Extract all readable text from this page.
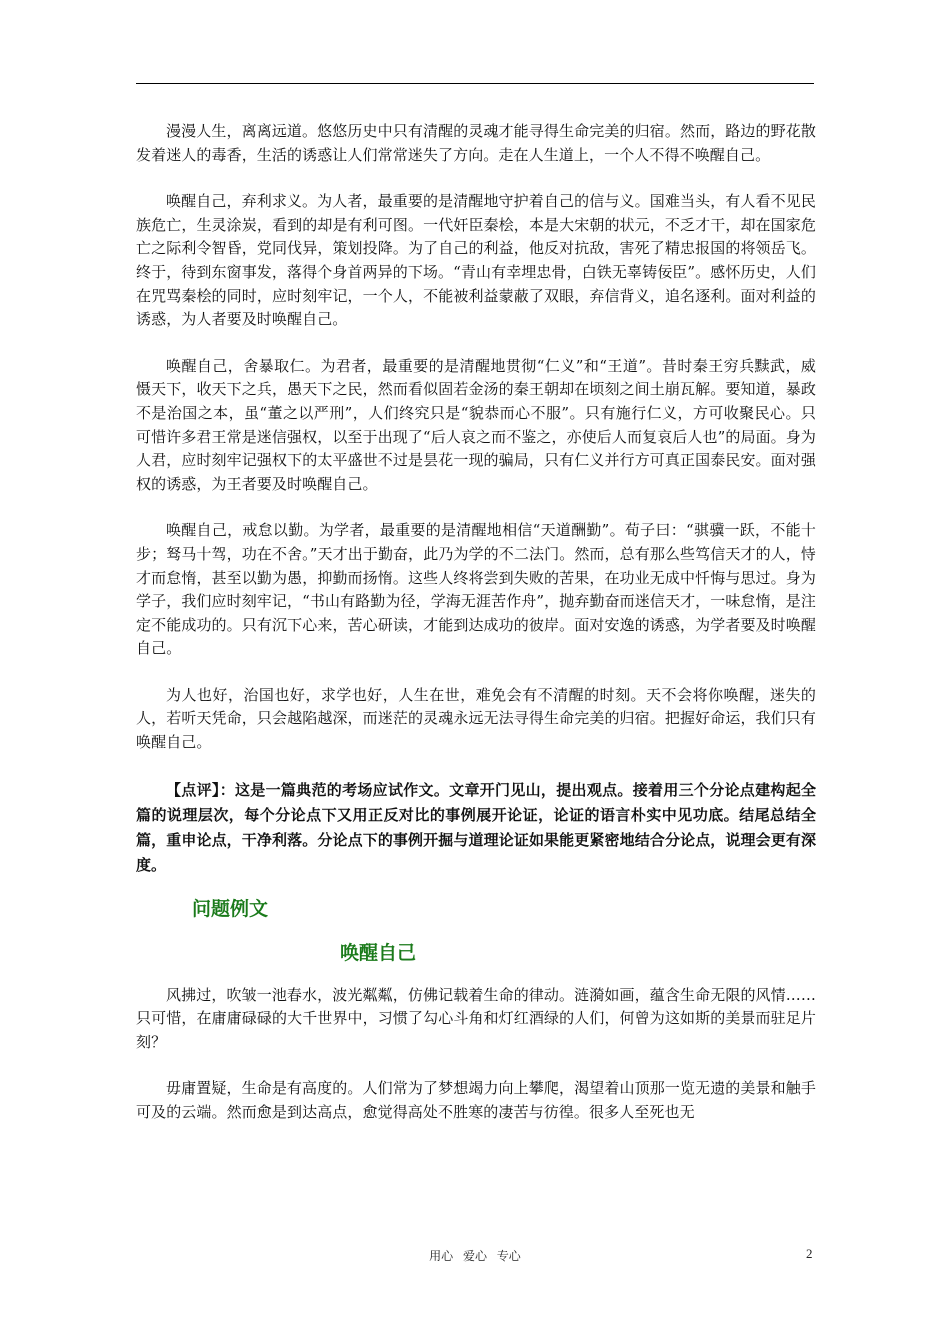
漫漫人生，离离远道。悠悠历史中只有清醒的灵魂才能寻得生命完美的归宿。然而，路边的野花散发着迷人的毒香，生活的诱惑让人们常常迷失了方向。走在人生道上，一个人不得不唤醒自己。

唤醒自己，弃利求义。为人者，最重要的是清醒地守护着自己的信与义。国难当头，有人看不见民族危亡，生灵涂炭，看到的却是有利可图。一代奸臣秦桧，本是大宋朝的状元，不乏才干，却在国家危亡之际利令智昏，党同伐异，策划投降。为了自己的利益，他反对抗敌，害死了精忠报国的将领岳飞。终于，待到东窗事发，落得个身首两异的下场。“青山有幸埋忠骨，白铁无辜铸佞臣”。感怀历史，人们在咒骂秦桧的同时，应时刻牢记，一个人，不能被利益蒙蔽了双眼，弃信背义，追名逐利。面对利益的诱惑，为人者要及时唤醒自己。

唤醒自己，舍暴取仁。为君者，最重要的是清醒地贯彻“仁义”和“王道”。昔时秦王穷兵黩武，威慑天下，收天下之兵，愚天下之民，然而看似固若金汤的秦王朝却在顷刻之间土崩瓦解。要知道，暴政不是治国之本，虽“董之以严刑”，人们终究只是“貌恭而心不服”。只有施行仁义，方可收聚民心。只可惜许多君王常是迷信强权，以至于出现了“后人哀之而不鉴之，亦使后人而复哀后人也”的局面。身为人君，应时刻牢记强权下的太平盛世不过是昙花一现的骗局，只有仁义并行方可真正国泰民安。面对强权的诱惑，为王者要及时唤醒自己。

唤醒自己，戒怠以勤。为学者，最重要的是清醒地相信“天道酬勤”。荀子曰：“骐骥一跃，不能十步；驽马十驾，功在不舍。”天才出于勤奋，此乃为学的不二法门。然而，总有那么些笃信天才的人，恃才而怠惰，甚至以勤为愚，抑勤而扬惰。这些人终将尝到失败的苦果，在功业无成中忏悔与思过。身为学子，我们应时刻牢记，“书山有路勤为径，学海无涯苦作舟”，抛弃勤奋而迷信天才，一味怠惰，是注定不能成功的。只有沉下心来，苦心研读，才能到达成功的彼岸。面对安逸的诱惑，为学者要及时唤醒自己。

为人也好，治国也好，求学也好，人生在世，难免会有不清醒的时刻。天不会将你唤醒，迷失的人，若听天凭命，只会越陷越深，而迷茫的灵魂永远无法寻得生命完美的归宿。把握好命运，我们只有唤醒自己。

【点评】：这是一篇典范的考场应试作文。文章开门见山，提出观点。接着用三个分论点建构起全篇的说理层次，每个分论点下又用正反对比的事例展开论证，论证的语言朴实中见功底。结尾总结全篇，重申论点，干净利落。分论点下的事例开掘与道理论证如果能更紧密地结合分论点，说理会更有深度。

问题例文
唤醒自己

风拂过，吹皱一池春水，波光粼粼，仿佛记载着生命的律动。涟漪如画，蕴含生命无限的风情……只可惜，在庸庸碌碌的大千世界中，习惯了勾心斗角和灯红酒绿的人们，何曾为这如斯的美景而驻足片刻？

毋庸置疑，生命是有高度的。人们常为了梦想竭力向上攀爬，渴望着山顶那一览无遗的美景和触手可及的云端。然而愈是到达高点，愈觉得高处不胜寒的凄苦与彷徨。很多人至死也无

用心 爱心 专心	2
